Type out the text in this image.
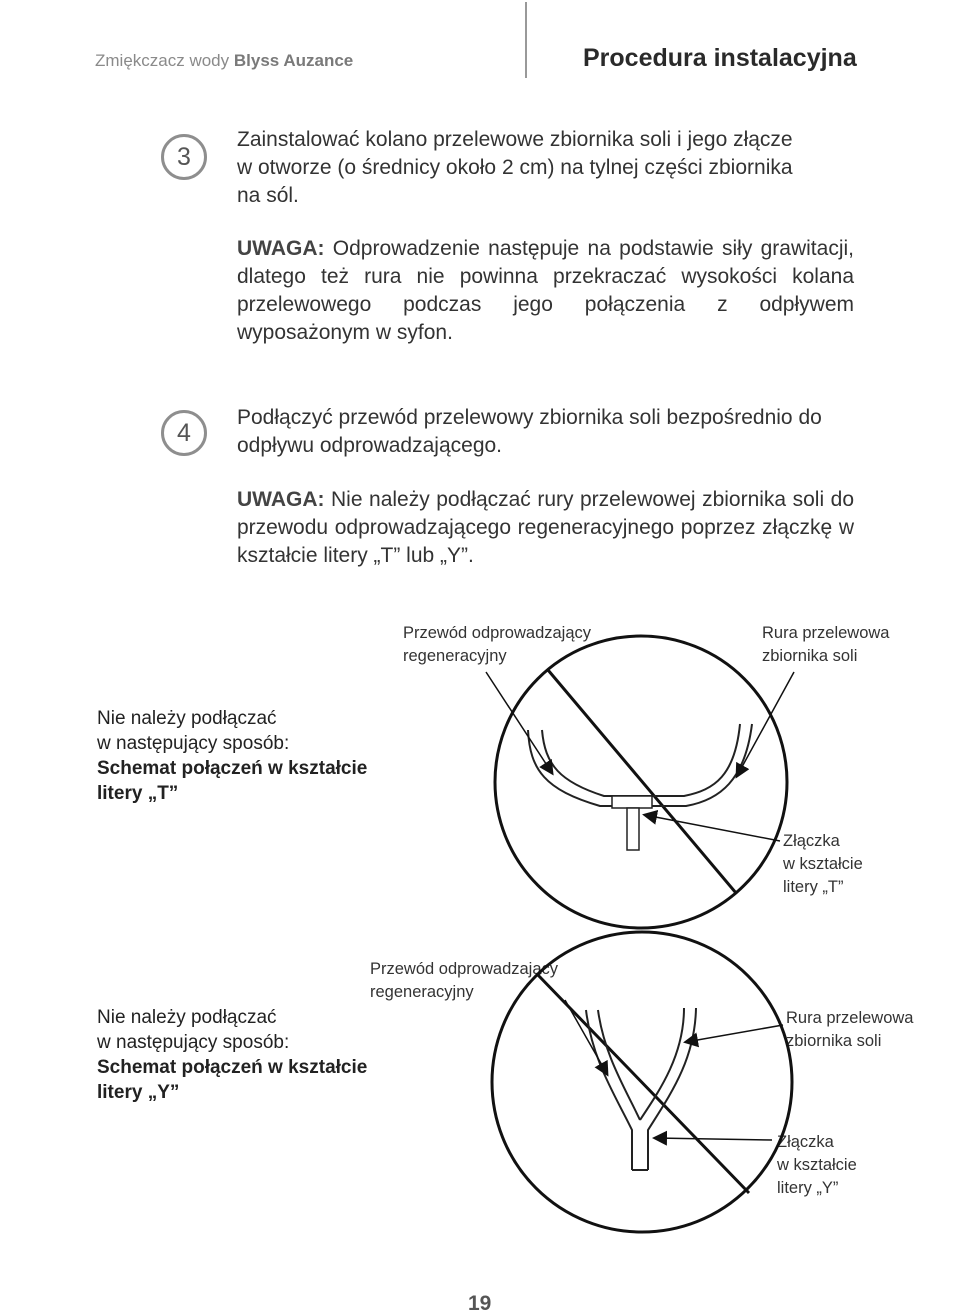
Zmiękczacz wody Blyss Auzance	Procedura instalacyjna
3
Zainstalować kolano przelewowe zbiornika soli i jego złącze
w otworze (o średnicy około 2 cm) na tylnej części zbiornika
na sól.
UWAGA: Odprowadzenie następuje na podstawie siły grawitacji, dlatego też rura nie powinna przekraczać wysokości kolana przelewowego podczas jego połączenia z odpływem wyposażonym w syfon.
4
Podłączyć przewód przelewowy zbiornika soli bezpośrednio do odpływu odprowadzającego.
UWAGA: Nie należy podłączać rury przelewowej zbiornika soli do przewodu odprowadzającego regeneracyjnego poprzez złączkę w kształcie litery „T” lub „Y”.
Przewód odprowadzający
regeneracyjny
Rura przelewowa
zbiornika soli
Nie należy podłączać
w następujący sposób:
Schemat połączeń w kształcie
litery „T”
Złączka
w kształcie
litery „T”
Przewód odprowadzający
regeneracyjny
Rura przelewowa
zbiornika soli
Nie należy podłączać
w następujący sposób:
Schemat połączeń w kształcie
litery „Y”
Złączka
w kształcie
litery „Y”
19
